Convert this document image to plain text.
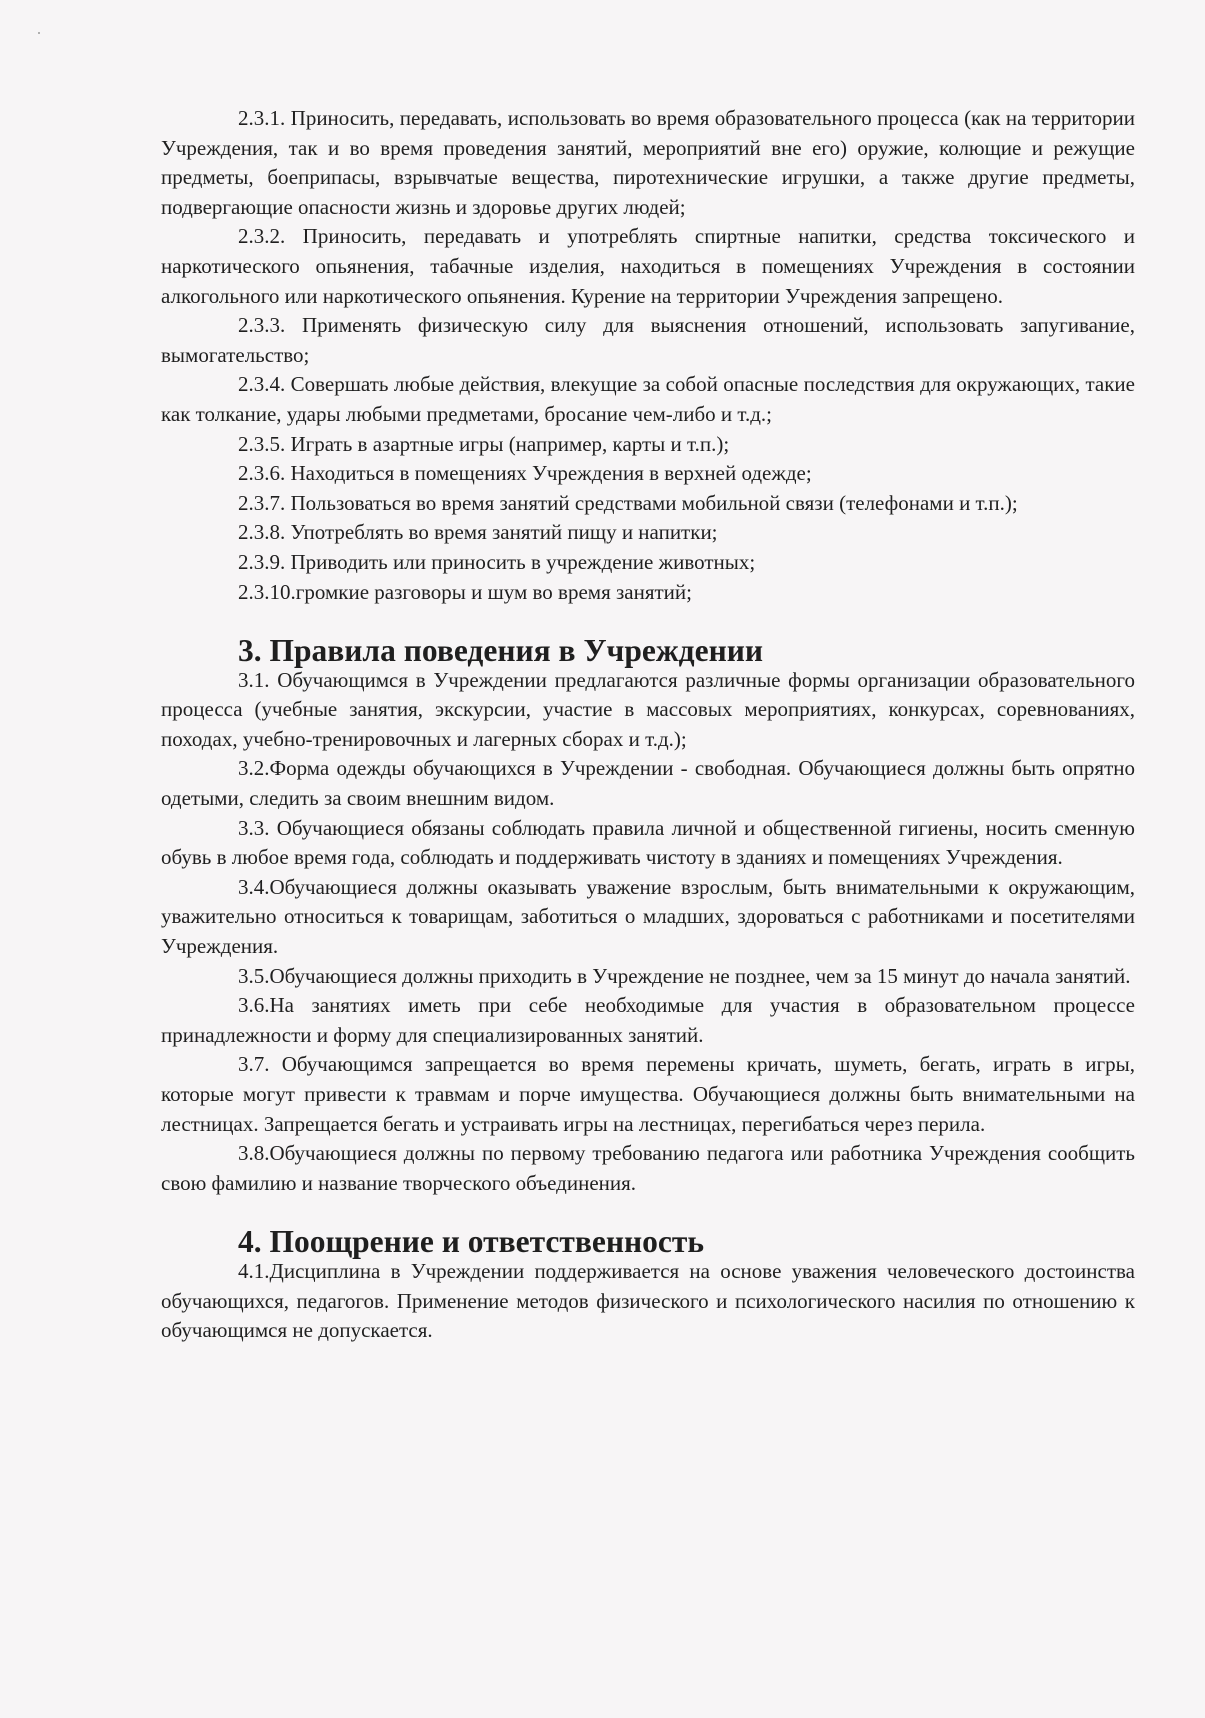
2.3.1. Приносить, передавать, использовать во время образовательного процесса (как на территории Учреждения, так и во время проведения занятий, мероприятий вне его) оружие, колющие и режущие предметы, боеприпасы, взрывчатые вещества, пиротехнические игрушки, а также другие предметы, подвергающие опасности жизнь и здоровье других людей;

2.3.2. Приносить, передавать и употреблять спиртные напитки, средства токсического и наркотического опьянения, табачные изделия, находиться в помещениях Учреждения в состоянии алкогольного или наркотического опьянения. Курение на территории Учреждения запрещено.

2.3.3. Применять физическую силу для выяснения отношений, использовать запугивание, вымогательство;

2.3.4. Совершать любые действия, влекущие за собой опасные последствия для окружающих, такие как толкание, удары любыми предметами, бросание чем-либо и т.д.;

2.3.5. Играть в азартные игры (например, карты и т.п.);

2.3.6. Находиться в помещениях Учреждения в верхней одежде;

2.3.7. Пользоваться во время занятий средствами мобильной связи (телефонами и т.п.);

2.3.8. Употреблять во время занятий пищу и напитки;

2.3.9. Приводить или приносить в учреждение животных;

2.3.10.громкие разговоры и шум во время занятий;

3. Правила поведения в Учреждении

3.1. Обучающимся в Учреждении предлагаются различные формы организации образовательного процесса (учебные занятия, экскурсии, участие в массовых мероприятиях, конкурсах, соревнованиях, походах, учебно-тренировочных и лагерных сборах и т.д.);

3.2.Форма одежды обучающихся в Учреждении - свободная. Обучающиеся должны быть опрятно одетыми, следить за своим внешним видом.

3.3. Обучающиеся обязаны соблюдать правила личной и общественной гигиены, носить сменную обувь в любое время года, соблюдать и поддерживать чистоту в зданиях и помещениях Учреждения.

3.4.Обучающиеся должны оказывать уважение взрослым, быть внимательными к окружающим, уважительно относиться к товарищам, заботиться о младших, здороваться с работниками и посетителями Учреждения.

3.5.Обучающиеся должны приходить в Учреждение не позднее, чем за 15 минут до начала занятий.

3.6.На занятиях иметь при себе необходимые для участия в образовательном процессе принадлежности и форму для специализированных занятий.

3.7. Обучающимся запрещается во время перемены кричать, шуметь, бегать, играть в игры, которые могут привести к травмам и порче имущества. Обучающиеся должны быть внимательными на лестницах. Запрещается бегать и устраивать игры на лестницах, перегибаться через перила.

3.8.Обучающиеся должны по первому требованию педагога или работника Учреждения сообщить свою фамилию и название творческого объединения.

4. Поощрение и ответственность

4.1.Дисциплина в Учреждении поддерживается на основе уважения человеческого достоинства обучающихся, педагогов. Применение методов физического и психологического насилия по отношению к обучающимся не допускается.
